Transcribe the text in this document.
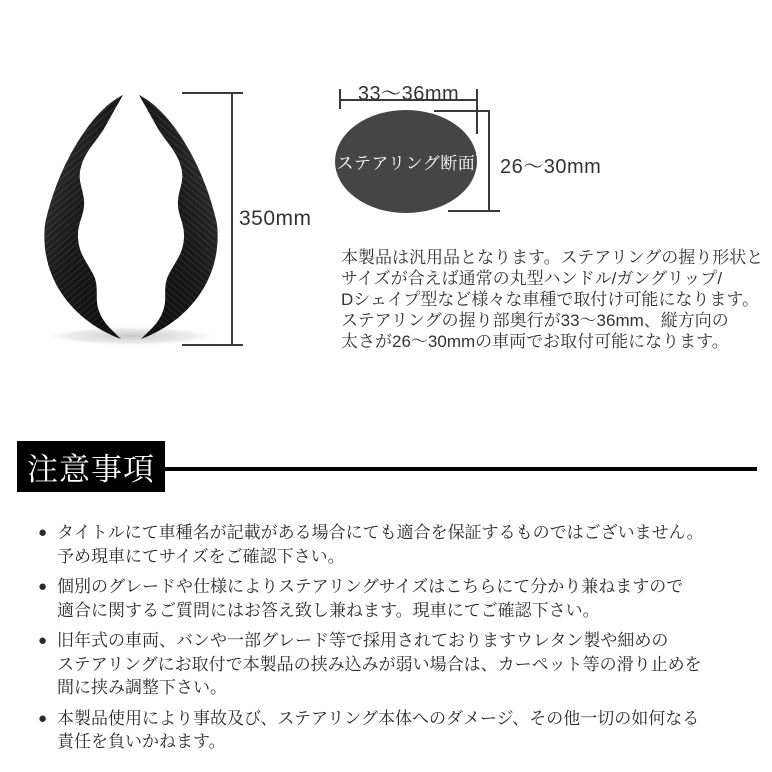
350mm
ステアリング断面
33〜36mm
26〜30mm
本製品は汎用品となります。ステアリングの握り形状と
サイズが合えば通常の丸型ハンドル/ガングリップ/
Dシェイプ型など様々な車種で取付け可能になります。
ステアリングの握り部奥行が33〜36mm、縦方向の
太さが26〜30mmの車両でお取付可能になります。
注意事項
● タイトルにて車種名が記載がある場合にても適合を保証するものではございません。
予め現車にてサイズをご確認下さい。
● 個別のグレードや仕様によりステアリングサイズはこちらにて分かり兼ねますので
適合に関するご質問にはお答え致し兼ねます。現車にてご確認下さい。
● 旧年式の車両、バンや一部グレード等で採用されておりますウレタン製や細めの
ステアリングにお取付で本製品の挟み込みが弱い場合は、カーペット等の滑り止めを
間に挟み調整下さい。
● 本製品使用により事故及び、ステアリング本体へのダメージ、その他一切の如何なる
責任を負いかねます。
